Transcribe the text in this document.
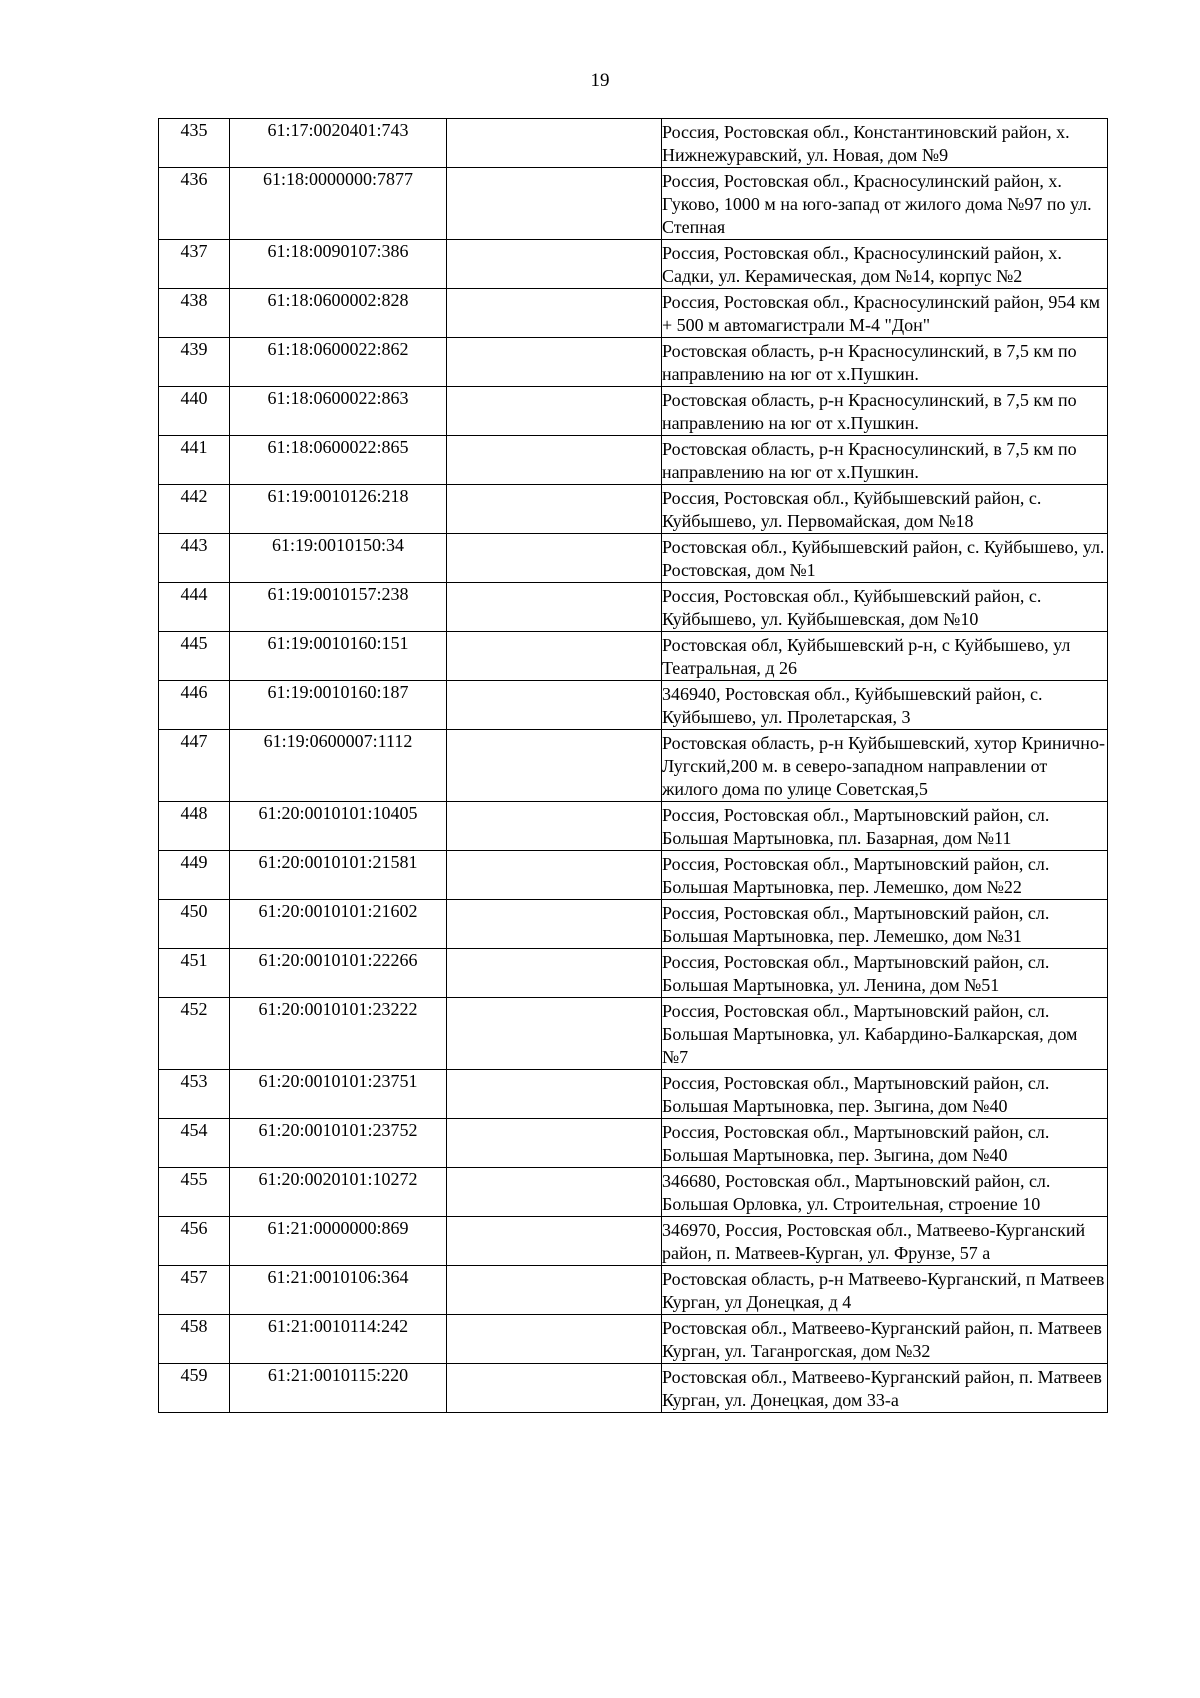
19
435	61:17:0020401:743		Россия, Ростовская обл., Константиновский район, х. Нижнежуравский, ул. Новая, дом №9

436	61:18:0000000:7877		Россия, Ростовская обл., Красносулинский район, х. Гуково, 1000 м на юго-запад от жилого дома №97 по ул. Степная

437	61:18:0090107:386		Россия, Ростовская обл., Красносулинский район, х. Садки, ул. Керамическая, дом №14, корпус №2

438	61:18:0600002:828		Россия, Ростовская обл., Красносулинский район, 954 км + 500 м автомагистрали М-4 "Дон"

439	61:18:0600022:862		Ростовская область, р-н Красносулинский, в 7,5 км по направлению на юг от х.Пушкин.

440	61:18:0600022:863		Ростовская область, р-н Красносулинский, в 7,5 км по направлению на юг от х.Пушкин.

441	61:18:0600022:865		Ростовская область, р-н Красносулинский, в 7,5 км по направлению на юг от х.Пушкин.

442	61:19:0010126:218		Россия, Ростовская обл., Куйбышевский район, с. Куйбышево, ул. Первомайская, дом №18

443	61:19:0010150:34		Ростовская обл., Куйбышевский район, с. Куйбышево, ул. Ростовская, дом №1

444	61:19:0010157:238		Россия, Ростовская обл., Куйбышевский район, с. Куйбышево, ул. Куйбышевская, дом №10

445	61:19:0010160:151		Ростовская обл, Куйбышевский р-н, с Куйбышево, ул Театральная, д 26

446	61:19:0010160:187		346940, Ростовская обл., Куйбышевский район, с. Куйбышево, ул. Пролетарская, 3

447	61:19:0600007:1112		Ростовская область, р-н Куйбышевский, хутор Кринично-Лугский,200 м. в северо-западном направлении от жилого дома по улице Советская,5

448	61:20:0010101:10405		Россия, Ростовская обл., Мартыновский район, сл. Большая Мартыновка, пл. Базарная, дом №11

449	61:20:0010101:21581		Россия, Ростовская обл., Мартыновский район, сл. Большая Мартыновка, пер. Лемешко, дом №22

450	61:20:0010101:21602		Россия, Ростовская обл., Мартыновский район, сл. Большая Мартыновка, пер. Лемешко, дом №31

451	61:20:0010101:22266		Россия, Ростовская обл., Мартыновский район, сл. Большая Мартыновка, ул. Ленина, дом №51

452	61:20:0010101:23222		Россия, Ростовская обл., Мартыновский район, сл. Большая Мартыновка, ул. Кабардино-Балкарская, дом №7

453	61:20:0010101:23751		Россия, Ростовская обл., Мартыновский район, сл. Большая Мартыновка, пер. Зыгина, дом №40

454	61:20:0010101:23752		Россия, Ростовская обл., Мартыновский район, сл. Большая Мартыновка, пер. Зыгина, дом №40

455	61:20:0020101:10272		346680, Ростовская обл., Мартыновский район, сл. Большая Орловка, ул. Строительная, строение 10

456	61:21:0000000:869		346970, Россия, Ростовская обл., Матвеево-Курганский район, п. Матвеев-Курган, ул. Фрунзе, 57 а

457	61:21:0010106:364		Ростовская область, р-н Матвеево-Курганский, п Матвеев Курган, ул Донецкая, д 4

458	61:21:0010114:242		Ростовская обл., Матвеево-Курганский район, п. Матвеев Курган, ул. Таганрогская, дом №32

459	61:21:0010115:220		Ростовская обл., Матвеево-Курганский район, п. Матвеев Курган, ул. Донецкая, дом 33-а
